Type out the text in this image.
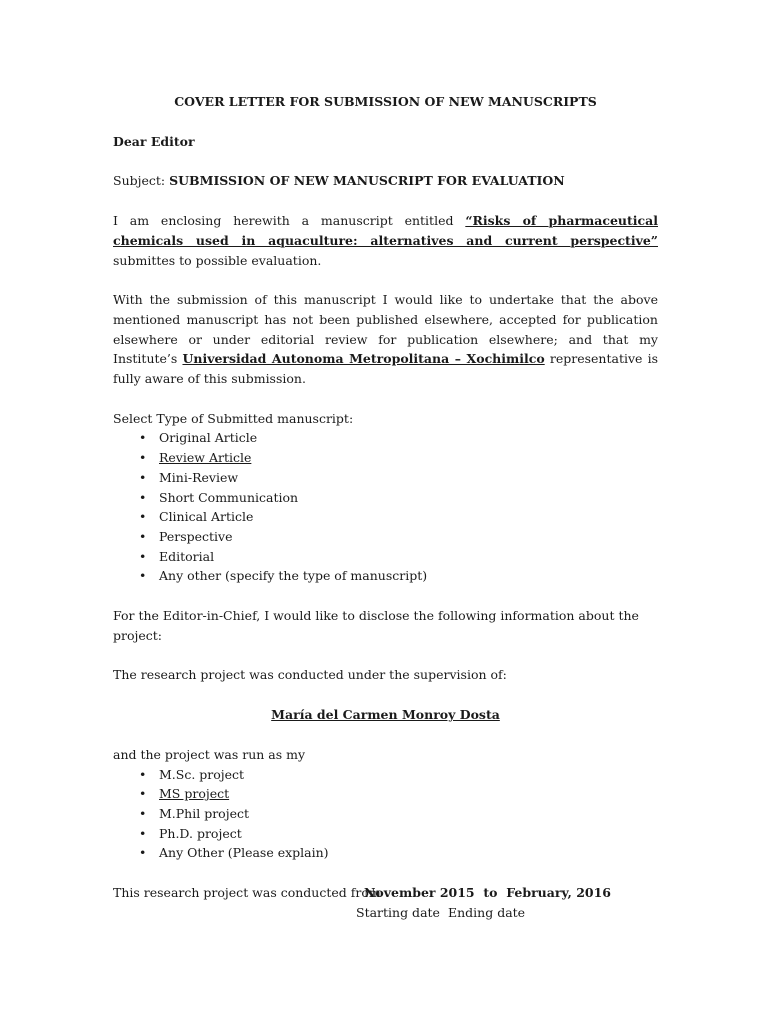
COVER LETTER FOR SUBMISSION OF NEW MANUSCRIPTS

Dear Editor

Subject: SUBMISSION OF NEW MANUSCRIPT FOR EVALUATION

I am enclosing herewith a manuscript entitled “Risks of pharmaceutical chemicals used in aquaculture: alternatives and current perspective” submittes to possible evaluation.

With the submission of this manuscript I would like to undertake that the above mentioned manuscript has not been published elsewhere, accepted for publication elsewhere or under editorial review for publication elsewhere; and that my Institute’s Universidad Autonoma Metropolitana – Xochimilco representative is fully aware of this submission.

Select Type of Submitted manuscript:

• Original Article
• Review Article
• Mini-Review
• Short Communication
• Clinical Article
• Perspective
• Editorial
• Any other (specify the type of manuscript)

For the Editor-in-Chief, I would like to disclose the following information about the project:

The research project was conducted under the supervision of:

María del Carmen Monroy Dosta

and the project was run as my

• M.Sc. project
• MS project
• M.Phil project
• Ph.D. project
• Any Other (Please explain)
This research project was conducted from
November 2015 to February, 2016
Starting date Ending date
